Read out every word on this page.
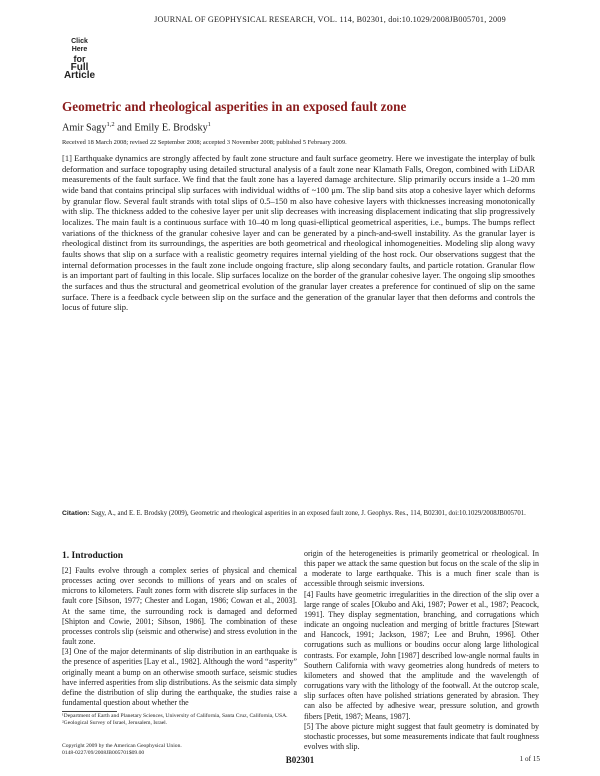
Click
Here
for
Full Article
JOURNAL OF GEOPHYSICAL RESEARCH, VOL. 114, B02301, doi:10.1029/2008JB005701, 2009
Geometric and rheological asperities in an exposed fault zone
Amir Sagy$^{1,2}$ and Emily E. Brodsky$^1$
Received 18 March 2008; revised 22 September 2008; accepted 3 November 2008; published 5 February 2009.
[1] Earthquake dynamics are strongly affected by fault zone structure and fault surface geometry. Here we investigate the interplay of bulk deformation and surface topography using detailed structural analysis of a fault zone near Klamath Falls, Oregon, combined with LiDAR measurements of the fault surface. We find that the fault zone has a layered damage architecture. Slip primarily occurs inside a 1–20 mm wide band that contains principal slip surfaces with individual widths of ~100 μm. The slip band sits atop a cohesive layer which deforms by granular flow. Several fault strands with total slips of 0.5–150 m also have cohesive layers with thicknesses increasing monotonically with slip. The thickness added to the cohesive layer per unit slip decreases with increasing displacement indicating that slip progressively localizes. The main fault is a continuous surface with 10–40 m long quasi-elliptical geometrical asperities, i.e., bumps. The bumps reflect variations of the thickness of the granular cohesive layer and can be generated by a pinch-and-swell instability. As the granular layer is rheological distinct from its surroundings, the asperities are both geometrical and rheological inhomogeneities. Modeling slip along wavy faults shows that slip on a surface with a realistic geometry requires internal yielding of the host rock. Our observations suggest that the internal deformation processes in the fault zone include ongoing fracture, slip along secondary faults, and particle rotation. Granular flow is an important part of faulting in this locale. Slip surfaces localize on the border of the granular cohesive layer. The ongoing slip smoothes the surfaces and thus the structural and geometrical evolution of the granular layer creates a preference for continued of slip on the same surface. There is a feedback cycle between slip on the surface and the generation of the granular layer that then deforms and controls the locus of future slip.
Citation: Sagy, A., and E. E. Brodsky (2009), Geometric and rheological asperities in an exposed fault zone, J. Geophys. Res., 114, B02301, doi:10.1029/2008JB005701.
1. Introduction

[2] Faults evolve through a complex series of physical and chemical processes acting over seconds to millions of years and on scales of microns to kilometers. Fault zones form with discrete slip surfaces in the fault core [Sibson, 1977; Chester and Logan, 1986; Cowan et al., 2003]. At the same time, the surrounding rock is damaged and deformed [Shipton and Cowie, 2001; Sibson, 1986]. The combination of these processes controls slip (seismic and otherwise) and stress evolution in the fault zone.

[3] One of the major determinants of slip distribution in an earthquake is the presence of asperities [Lay et al., 1982]. Although the word “asperity” originally meant a bump on an otherwise smooth surface, seismic studies have inferred asperities from slip distributions. As the seismic data simply define the distribution of slip during the earthquake, the studies raise a fundamental question about whether the

origin of the heterogeneities is primarily geometrical or rheological. In this paper we attack the same question but focus on the scale of the slip in a moderate to large earthquake. This is a much finer scale than is accessible through seismic inversions.

[4] Faults have geometric irregularities in the direction of the slip over a large range of scales [Okubo and Aki, 1987; Power et al., 1987; Peacock, 1991]. They display segmentation, branching, and corrugations which indicate an ongoing nucleation and merging of brittle fractures [Stewart and Hancock, 1991; Jackson, 1987; Lee and Bruhn, 1996]. Other corrugations such as mullions or boudins occur along large lithological contrasts. For example, John [1987] described low-angle normal faults in Southern California with wavy geometries along hundreds of meters to kilometers and showed that the amplitude and the wavelength of corrugations vary with the lithology of the footwall. At the outcrop scale, slip surfaces often have polished striations generated by abrasion. They can also be affected by adhesive wear, pressure solution, and growth fibers [Petit, 1987; Means, 1987].

[5] The above picture might suggest that fault geometry is dominated by stochastic processes, but some measurements indicate that fault roughness evolves with slip.

¹Department of Earth and Planetary Sciences, University of California, Santa Cruz, California, USA.
²Geological Survey of Israel, Jerusalem, Israel.
Copyright 2009 by the American Geophysical Union.
0148-0227/09/2008JB005701$09.00
B02301	1 of 15
